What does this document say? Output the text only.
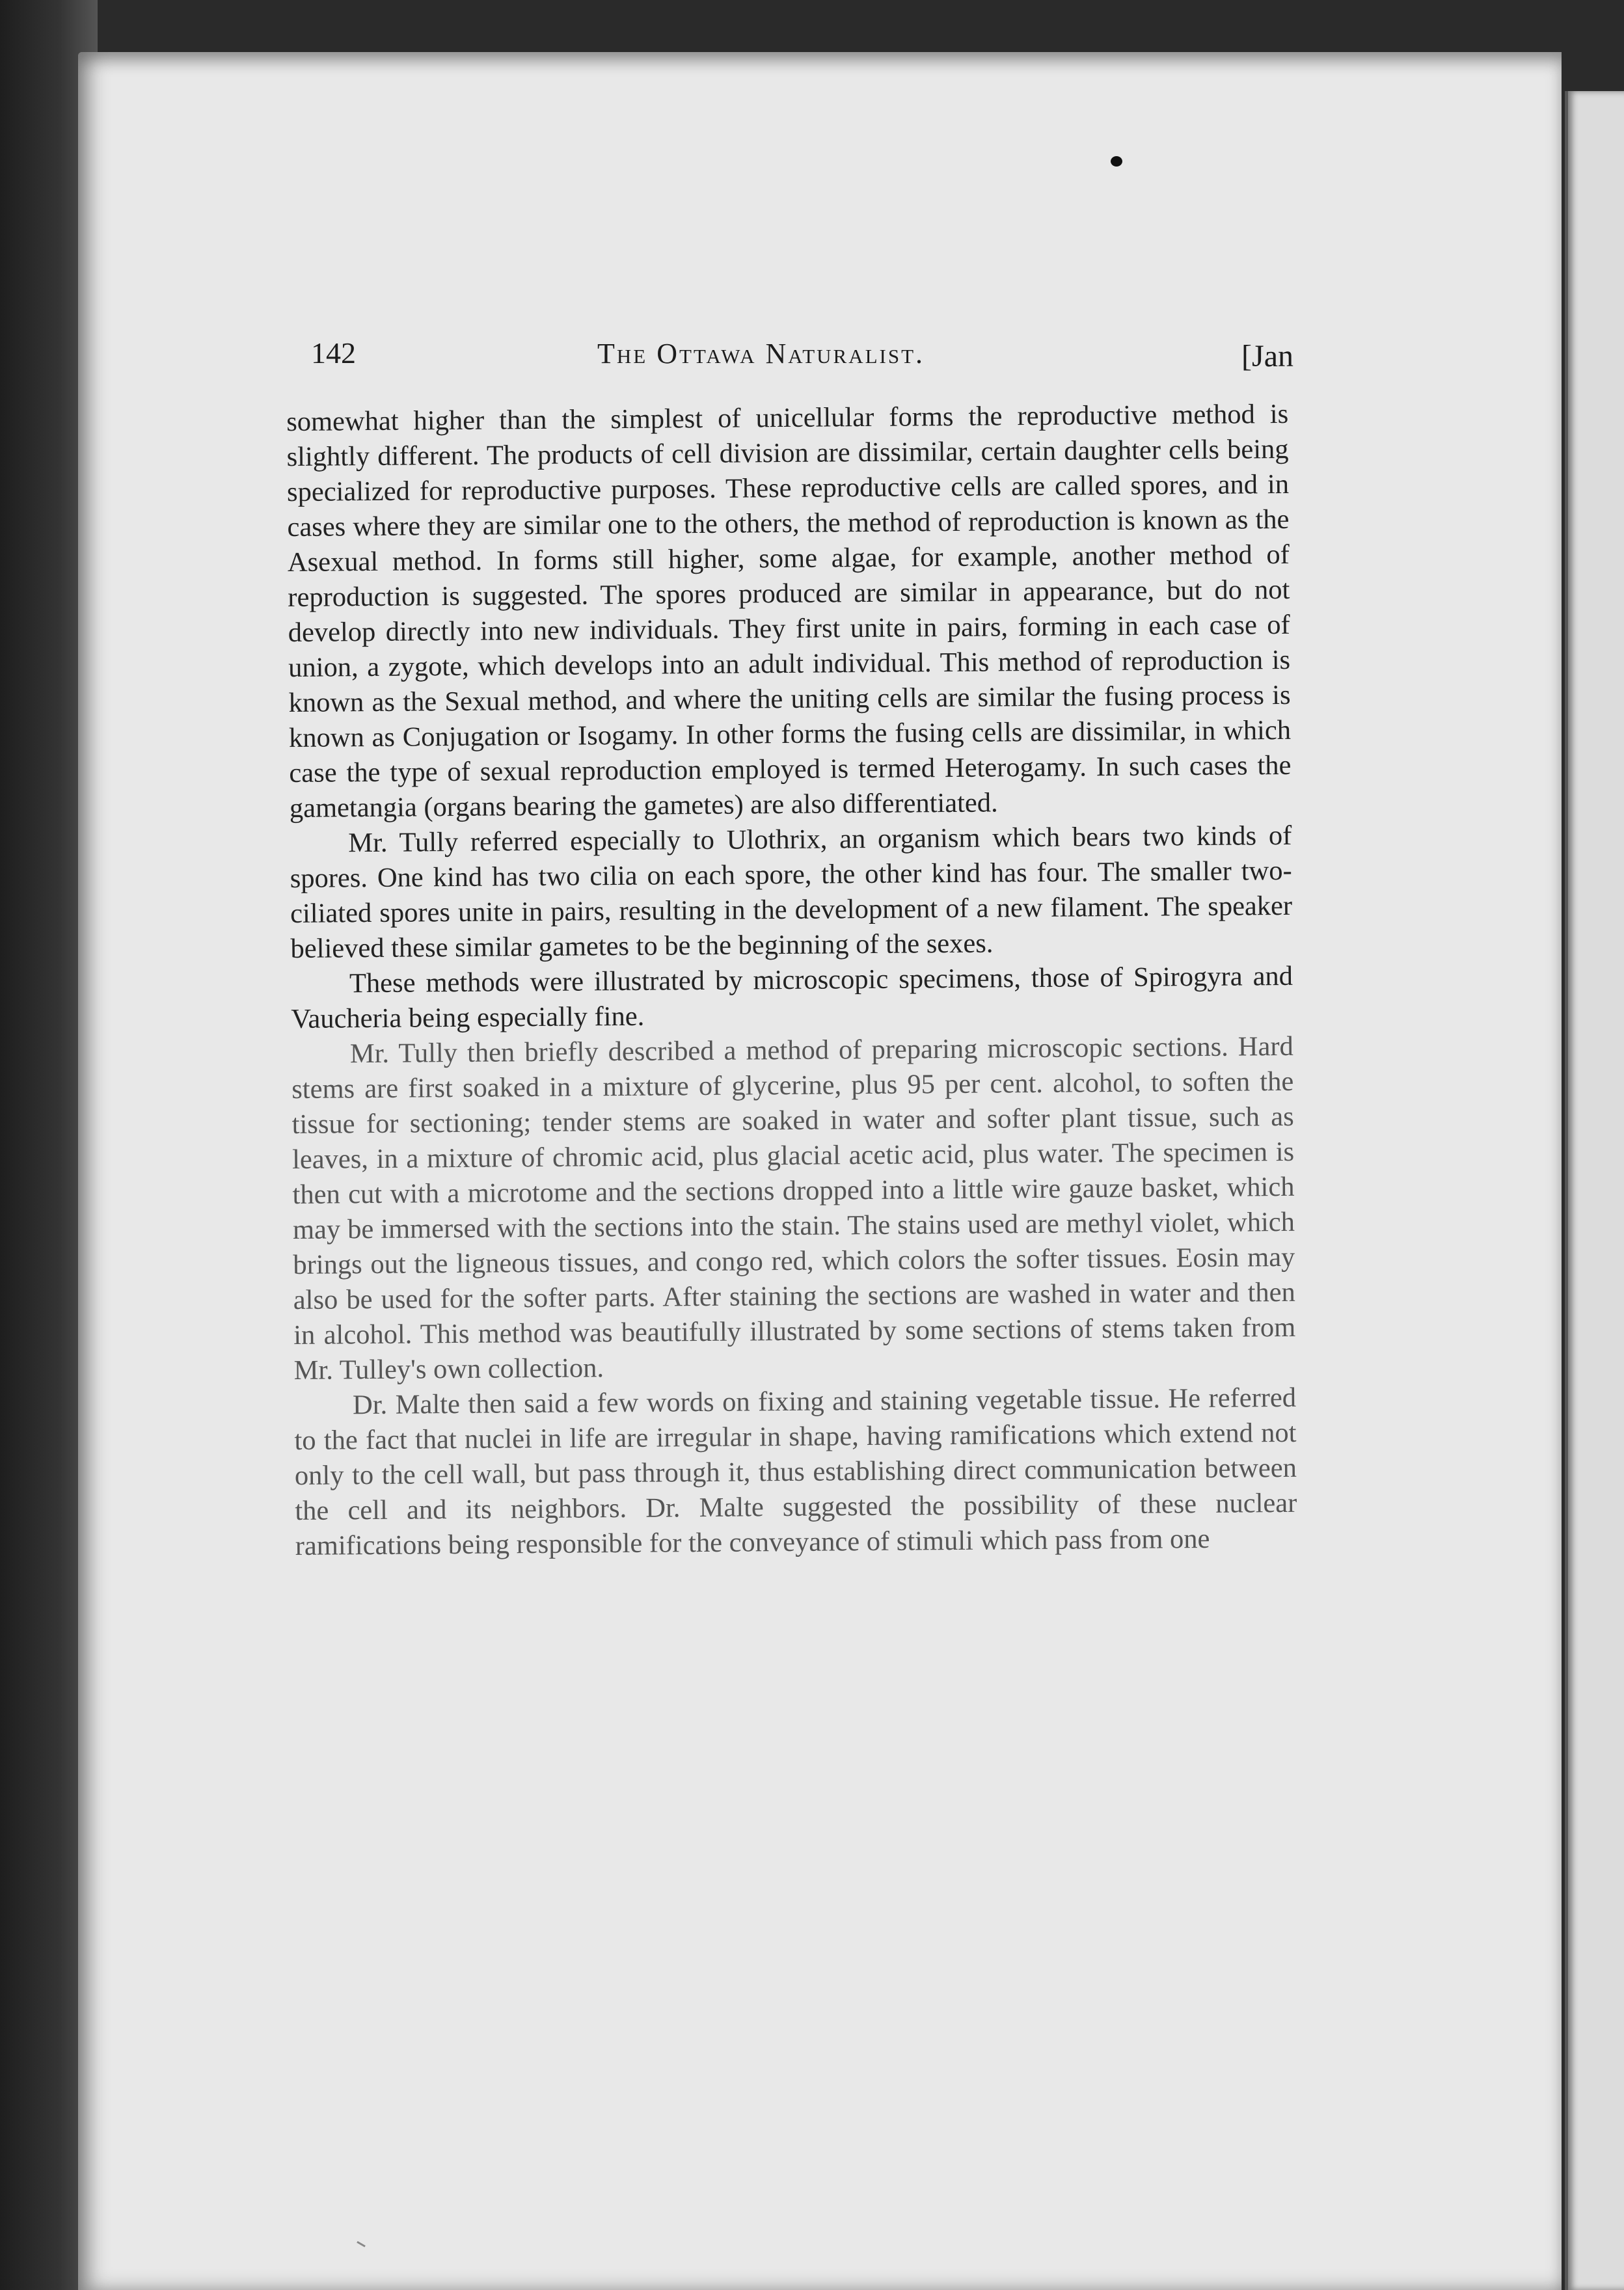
142	The Ottawa Naturalist.	[Jan

somewhat higher than the simplest of unicellular forms the reproductive method is slightly different. The products of cell division are dissimilar, certain daughter cells being specialized for reproductive purposes. These reproductive cells are called spores, and in cases where they are similar one to the others, the method of reproduction is known as the Asexual method. In forms still higher, some algae, for example, another method of reproduction is suggested. The spores produced are similar in appearance, but do not develop directly into new individuals. They first unite in pairs, forming in each case of union, a zygote, which develops into an adult individual. This method of reproduction is known as the Sexual method, and where the uniting cells are similar the fusing process is known as Conjugation or Isogamy. In other forms the fusing cells are dissimilar, in which case the type of sexual reproduction employed is termed Heterogamy. In such cases the gametangia (organs bearing the gametes) are also differentiated.

Mr. Tully referred especially to Ulothrix, an organism which bears two kinds of spores. One kind has two cilia on each spore, the other kind has four. The smaller two-ciliated spores unite in pairs, resulting in the development of a new filament. The speaker believed these similar gametes to be the beginning of the sexes.

These methods were illustrated by microscopic specimens, those of Spirogyra and Vaucheria being especially fine.

Mr. Tully then briefly described a method of preparing microscopic sections. Hard stems are first soaked in a mixture of glycerine, plus 95 per cent. alcohol, to soften the tissue for sectioning; tender stems are soaked in water and softer plant tissue, such as leaves, in a mixture of chromic acid, plus glacial acetic acid, plus water. The specimen is then cut with a microtome and the sections dropped into a little wire gauze basket, which may be immersed with the sections into the stain. The stains used are methyl violet, which brings out the ligneous tissues, and congo red, which colors the softer tissues. Eosin may also be used for the softer parts. After staining the sections are washed in water and then in alcohol. This method was beautifully illustrated by some sections of stems taken from Mr. Tulley's own collection.

Dr. Malte then said a few words on fixing and staining vegetable tissue. He referred to the fact that nuclei in life are irregular in shape, having ramifications which extend not only to the cell wall, but pass through it, thus establishing direct communication between the cell and its neighbors. Dr. Malte suggested the possibility of these nuclear ramifications being responsible for the conveyance of stimuli which pass from one
